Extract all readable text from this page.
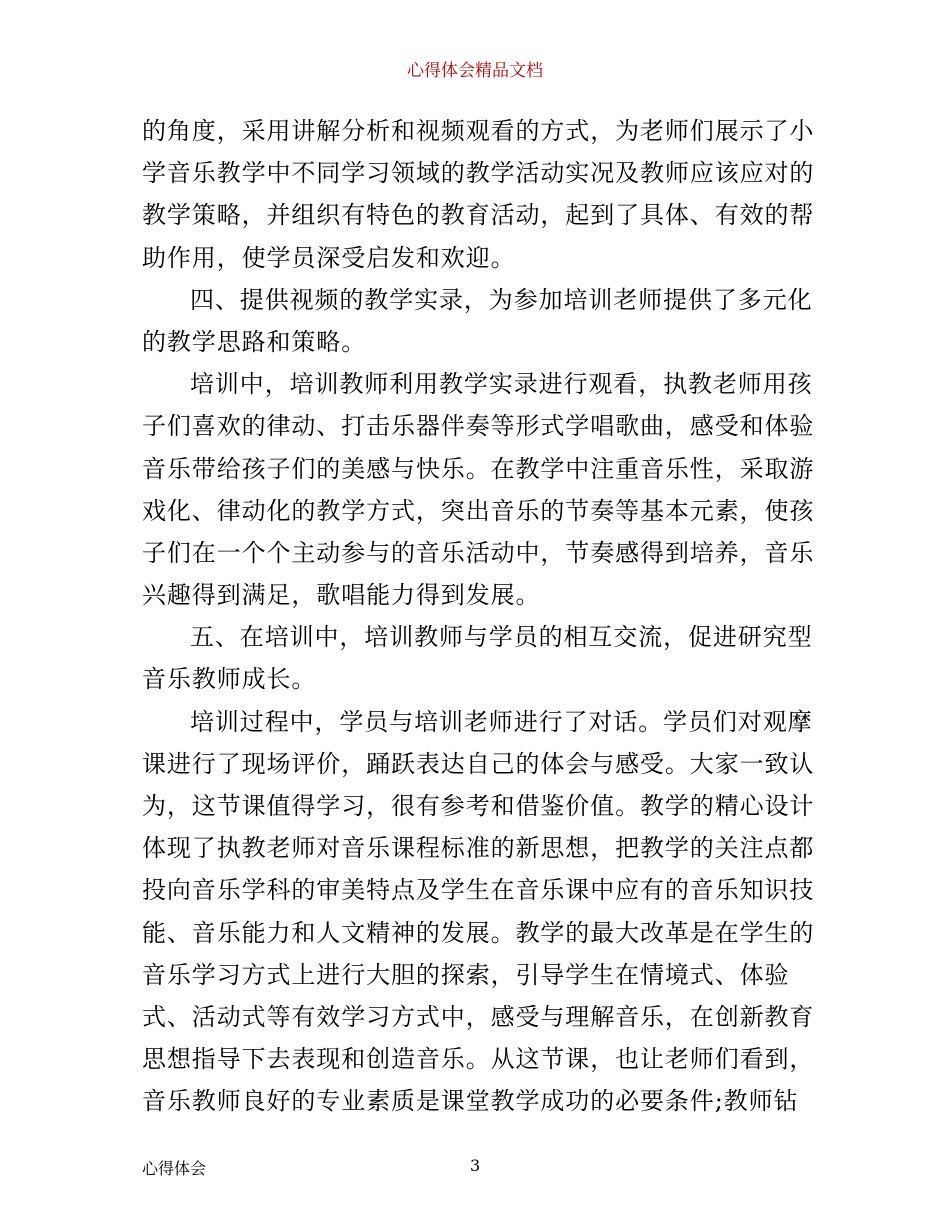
心得体会精品文档
的角度，采用讲解分析和视频观看的方式，为老师们展示了小
学音乐教学中不同学习领域的教学活动实况及教师应该应对的
教学策略，并组织有特色的教育活动，起到了具体、有效的帮
助作用，使学员深受启发和欢迎。
四、提供视频的教学实录，为参加培训老师提供了多元化
的教学思路和策略。
培训中，培训教师利用教学实录进行观看，执教老师用孩
子们喜欢的律动、打击乐器伴奏等形式学唱歌曲，感受和体验
音乐带给孩子们的美感与快乐。在教学中注重音乐性，采取游
戏化、律动化的教学方式，突出音乐的节奏等基本元素，使孩
子们在一个个主动参与的音乐活动中，节奏感得到培养，音乐
兴趣得到满足，歌唱能力得到发展。
五、在培训中，培训教师与学员的相互交流，促进研究型
音乐教师成长。
培训过程中，学员与培训老师进行了对话。学员们对观摩
课进行了现场评价，踊跃表达自己的体会与感受。大家一致认
为，这节课值得学习，很有参考和借鉴价值。教学的精心设计
体现了执教老师对音乐课程标准的新思想，把教学的关注点都
投向音乐学科的审美特点及学生在音乐课中应有的音乐知识技
能、音乐能力和人文精神的发展。教学的最大改革是在学生的
音乐学习方式上进行大胆的探索，引导学生在情境式、体验
式、活动式等有效学习方式中，感受与理解音乐，在创新教育
思想指导下去表现和创造音乐。从这节课，也让老师们看到，
音乐教师良好的专业素质是课堂教学成功的必要条件;教师钻
心得体会	3
